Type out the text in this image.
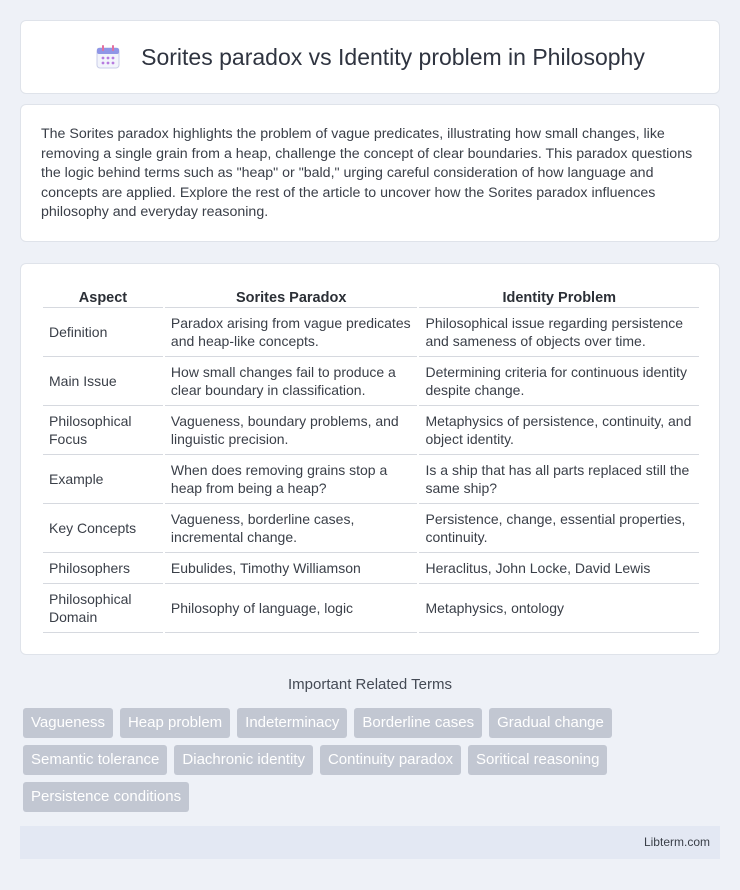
Sorites paradox vs Identity problem in Philosophy

The Sorites paradox highlights the problem of vague predicates, illustrating how small changes, like removing a single grain from a heap, challenge the concept of clear boundaries. This paradox questions the logic behind terms such as "heap" or "bald," urging careful consideration of how language and concepts are applied. Explore the rest of the article to uncover how the Sorites paradox influences philosophy and everyday reasoning.

Aspect	Sorites Paradox	Identity Problem
Definition	Paradox arising from vague predicates and heap-like concepts.	Philosophical issue regarding persistence and sameness of objects over time.
Main Issue	How small changes fail to produce a clear boundary in classification.	Determining criteria for continuous identity despite change.
Philosophical Focus	Vagueness, boundary problems, and linguistic precision.	Metaphysics of persistence, continuity, and object identity.
Example	When does removing grains stop a heap from being a heap?	Is a ship that has all parts replaced still the same ship?
Key Concepts	Vagueness, borderline cases, incremental change.	Persistence, change, essential properties, continuity.
Philosophers	Eubulides, Timothy Williamson	Heraclitus, John Locke, David Lewis
Philosophical Domain	Philosophy of language, logic	Metaphysics, ontology
Important Related Terms
Vagueness	Heap problem	Indeterminacy	Borderline cases	Gradual change
Semantic tolerance	Diachronic identity	Continuity paradox	Soritical reasoning
Persistence conditions
Libterm.com
